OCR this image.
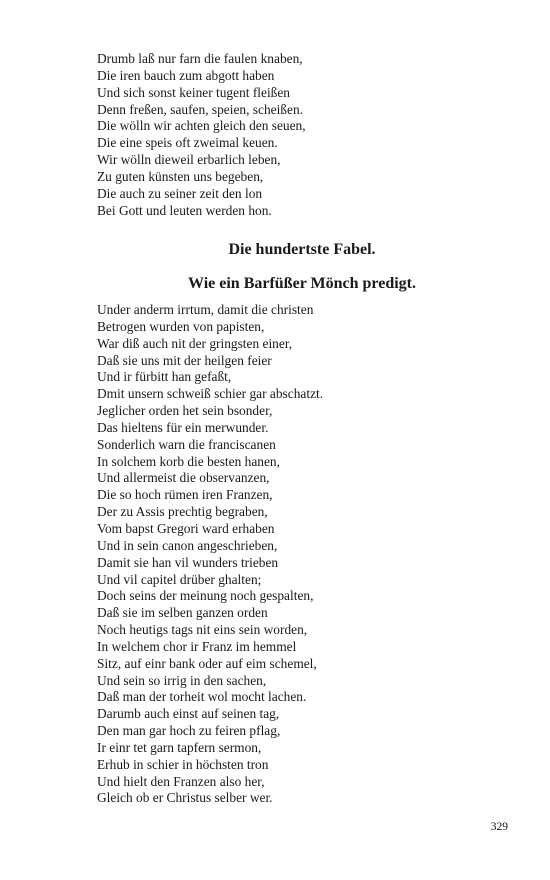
Drumb laß nur farn die faulen knaben,
Die iren bauch zum abgott haben
Und sich sonst keiner tugent fleißen
Denn freßen, saufen, speien, scheißen.
Die wölln wir achten gleich den seuen,
Die eine speis oft zweimal keuen.
Wir wölln dieweil erbarlich leben,
Zu guten künsten uns begeben,
Die auch zu seiner zeit den lon
Bei Gott und leuten werden hon.
Die hundertste Fabel.
Wie ein Barfüßer Mönch predigt.
Under anderm irrtum, damit die christen
Betrogen wurden von papisten,
War diß auch nit der gringsten einer,
Daß sie uns mit der heilgen feier
Und ir fürbitt han gefaßt,
Dmit unsern schweiß schier gar abschatzt.
Jeglicher orden het sein bsonder,
Das hieltens für ein merwunder.
Sonderlich warn die franciscanen
In solchem korb die besten hanen,
Und allermeist die observanzen,
Die so hoch rümen iren Franzen,
Der zu Assis prechtig begraben,
Vom bapst Gregori ward erhaben
Und in sein canon angeschrieben,
Damit sie han vil wunders trieben
Und vil capitel drüber ghalten;
Doch seins der meinung noch gespalten,
Daß sie im selben ganzen orden
Noch heutigs tags nit eins sein worden,
In welchem chor ir Franz im hemmel
Sitz, auf einr bank oder auf eim schemel,
Und sein so irrig in den sachen,
Daß man der torheit wol mocht lachen.
Darumb auch einst auf seinen tag,
Den man gar hoch zu feiren pflag,
Ir einr tet garn tapfern sermon,
Erhub in schier in höchsten tron
Und hielt den Franzen also her,
Gleich ob er Christus selber wer.
329
